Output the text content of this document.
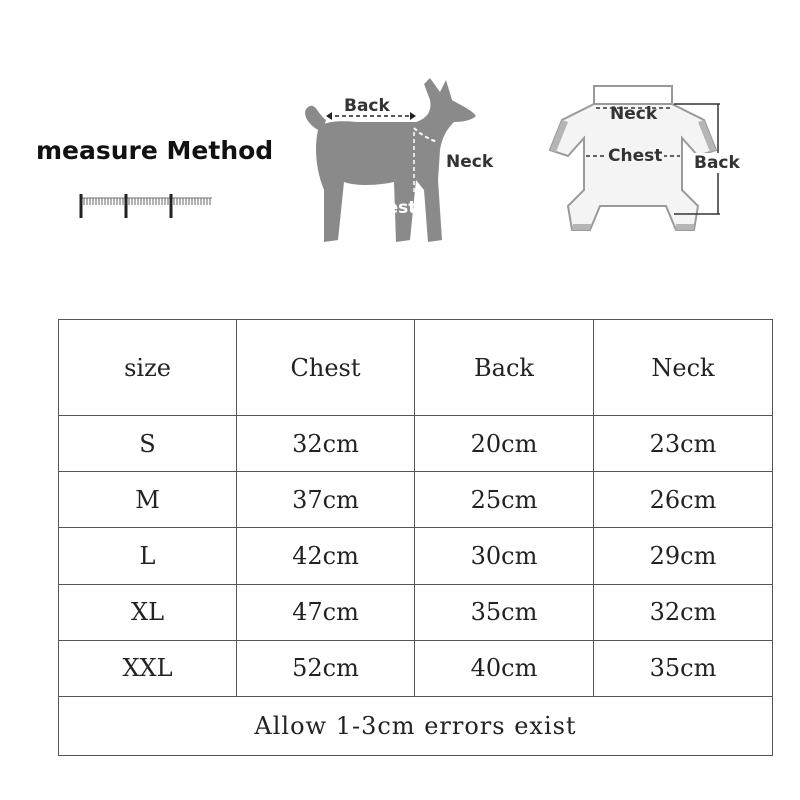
measure Method
Back
Neck
Chest
Neck
Chest Back
size	Chest	Back	Neck
S	32cm	20cm	23cm
M	37cm	25cm	26cm
L	42cm	30cm	29cm
XL	47cm	35cm	32cm
XXL	52cm	40cm	35cm
Allow 1-3cm errors exist			
